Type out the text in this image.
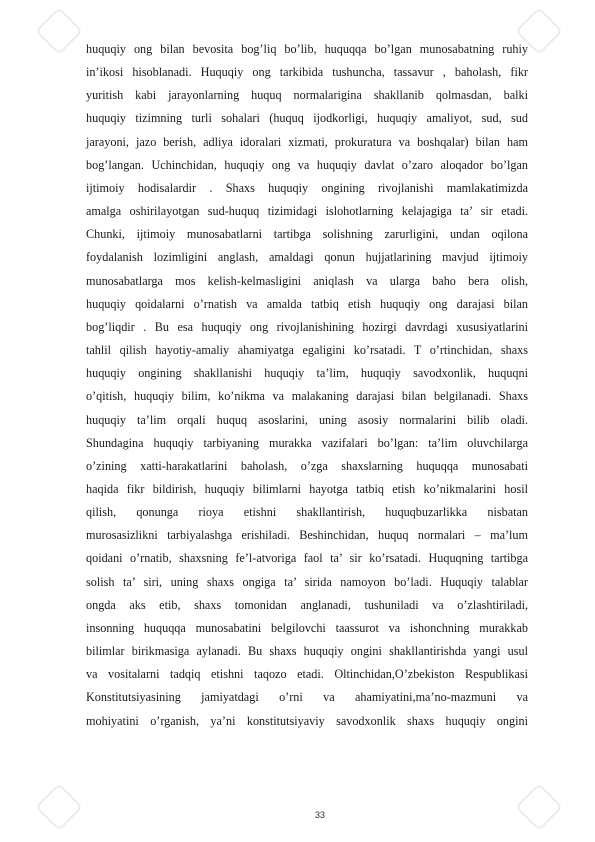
huquqiy ong bilan bevosita bog’liq bo’lib, huquqqa bo’lgan munosabatning ruhiy
in’ikosi hisoblanadi. Huquqiy ong tarkibida tushuncha, tassavur , baholash, fikr
yuritish kabi jarayonlarning huquq normalarigina shakllanib qolmasdan, balki
huquqiy tizimning turli sohalari (huquq ijodkorligi, huquqiy amaliyot, sud, sud
jarayoni, jazo berish, adliya idoralari xizmati, prokuratura va boshqalar) bilan ham
bog’langan. Uchinchidan, huquqiy ong va huquqiy davlat o’zaro aloqador bo’lgan
ijtimoiy hodisalardir . Shaxs huquqiy ongining rivojlanishi mamlakatimizda
amalga oshirilayotgan sud-huquq tizimidagi islohotlarning kelajagiga ta’ sir etadi.
Chunki, ijtimoiy munosabatlarni tartibga solishning zarurligini, undan oqilona
foydalanish lozimligini anglash, amaldagi qonun hujjatlarining mavjud ijtimoiy
munosabatlarga mos kelish-kelmasligini aniqlash va ularga baho bera olish,
huquqiy qoidalarni o’rnatish va amalda tatbiq etish huquqiy ong darajasi bilan
bog’liqdir . Bu esa huquqiy ong rivojlanishining hozirgi davrdagi xususiyatlarini
tahlil qilish hayotiy-amaliy ahamiyatga egaligini ko’rsatadi. T o’rtinchidan, shaxs
huquqiy ongining shakllanishi huquqiy ta’lim, huquqiy savodxonlik, huquqni
o’qitish, huquqiy bilim, ko’nikma va malakaning darajasi bilan belgilanadi. Shaxs
huquqiy ta’lim orqali huquq asoslarini, uning asosiy normalarini bilib oladi.
Shundagina huquqiy tarbiyaning murakka vazifalari bo’lgan: ta’lim oluvchilarga
o’zining xatti-harakatlarini baholash, o’zga shaxslarning huquqqa munosabati
haqida fikr bildirish, huquqiy bilimlarni hayotga tatbiq etish ko’nikmalarini hosil
qilish, qonunga rioya etishni shakllantirish, huquqbuzarlikka nisbatan
murosasizlikni tarbiyalashga erishiladi. Beshinchidan, huquq normalari – ma’lum
qoidani o’rnatib, shaxsning fe’l-atvoriga faol ta’ sir ko’rsatadi. Huquqning tartibga
solish ta’ siri, uning shaxs ongiga ta’ sirida namoyon bo’ladi. Huquqiy talablar
ongda aks etib, shaxs tomonidan anglanadi, tushuniladi va o’zlashtiriladi,
insonning huquqqa munosabatini belgilovchi taassurot va ishonchning murakkab
bilimlar birikmasiga aylanadi. Bu shaxs huquqiy ongini shakllantirishda yangi usul
va vositalarni tadqiq etishni taqozo etadi. Oltinchidan,O’zbekiston Respublikasi
Konstitutsiyasining jamiyatdagi o’rni va ahamiyatini,ma’no-mazmuni va
mohiyatini o’rganish, ya’ni konstitutsiyaviy savodxonlik shaxs huquqiy ongini
33
